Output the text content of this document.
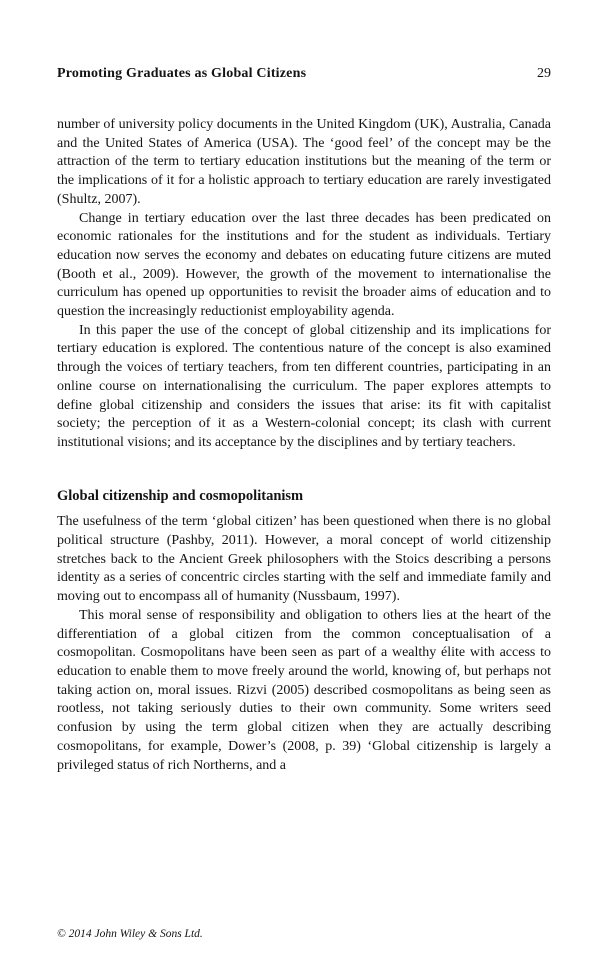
Promoting Graduates as Global Citizens	29

number of university policy documents in the United Kingdom (UK), Australia, Canada and the United States of America (USA). The ‘good feel’ of the concept may be the attraction of the term to tertiary education institutions but the meaning of the term or the implications of it for a holistic approach to tertiary education are rarely investigated (Shultz, 2007).

Change in tertiary education over the last three decades has been predicated on economic rationales for the institutions and for the student as individuals. Tertiary education now serves the economy and debates on educating future citizens are muted (Booth et al., 2009). However, the growth of the movement to internationalise the curriculum has opened up opportunities to revisit the broader aims of education and to question the increasingly reductionist employability agenda.

In this paper the use of the concept of global citizenship and its implications for tertiary education is explored. The contentious nature of the concept is also examined through the voices of tertiary teachers, from ten different countries, participating in an online course on internationalising the curriculum. The paper explores attempts to define global citizenship and considers the issues that arise: its fit with capitalist society; the perception of it as a Western-colonial concept; its clash with current institutional visions; and its acceptance by the disciplines and by tertiary teachers.

Global citizenship and cosmopolitanism

The usefulness of the term ‘global citizen’ has been questioned when there is no global political structure (Pashby, 2011). However, a moral concept of world citizenship stretches back to the Ancient Greek philosophers with the Stoics describing a persons identity as a series of concentric circles starting with the self and immediate family and moving out to encompass all of humanity (Nussbaum, 1997).

This moral sense of responsibility and obligation to others lies at the heart of the differentiation of a global citizen from the common conceptualisation of a cosmopolitan. Cosmopolitans have been seen as part of a wealthy élite with access to education to enable them to move freely around the world, knowing of, but perhaps not taking action on, moral issues. Rizvi (2005) described cosmopolitans as being seen as rootless, not taking seriously duties to their own community. Some writers seed confusion by using the term global citizen when they are actually describing cosmopolitans, for example, Dower’s (2008, p. 39) ‘Global citizenship is largely a privileged status of rich Northerns, and a

© 2014 John Wiley & Sons Ltd.
